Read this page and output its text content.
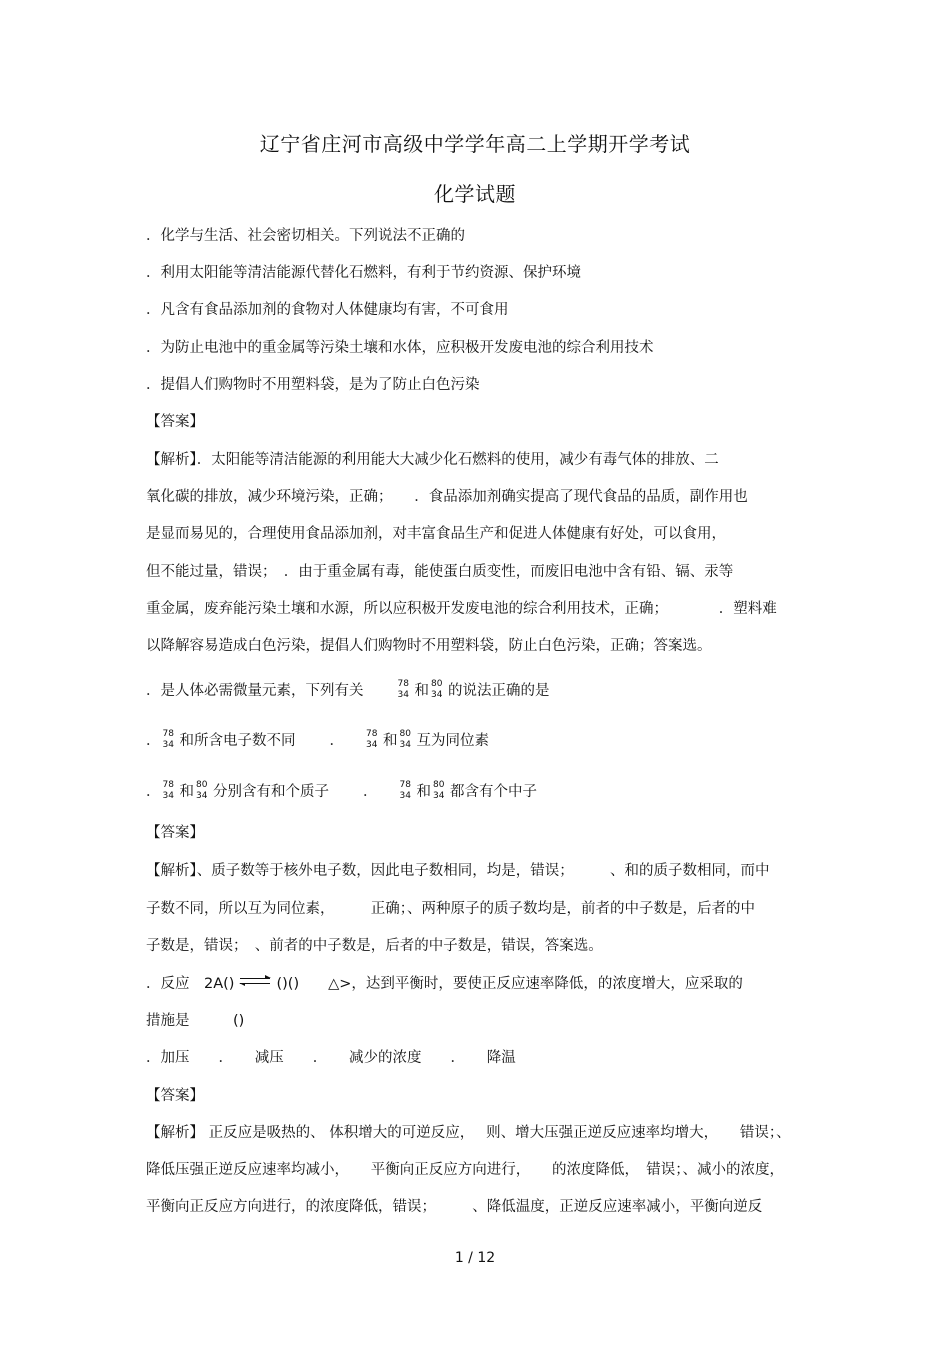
辽宁省庄河市高级中学学年高二上学期开学考试
化学试题
．化学与生活、社会密切相关。下列说法不正确的
．利用太阳能等清洁能源代替化石燃料，有利于节约资源、保护环境
．凡含有食品添加剂的食物对人体健康均有害，不可食用
．为防止电池中的重金属等污染土壤和水体，应积极开发废电池的综合利用技术
．提倡人们购物时不用塑料袋，是为了防止白色污染
【答案】
【解析】．太阳能等清洁能源的利用能大大减少化石燃料的使用，减少有毒气体的排放、二
氧化碳的排放，减少环境污染，正确；　　．食品添加剂确实提高了现代食品的品质，副作用也
是显而易见的，合理使用食品添加剂，对丰富食品生产和促进人体健康有好处，可以食用，
但不能过量，错误；　．由于重金属有毒，能使蛋白质变性，而废旧电池中含有铅、镉、汞等
重金属，废弃能污染土壤和水源，所以应积极开发废电池的综合利用技术，正确；　　　　．塑料难
以降解容易造成白色污染，提倡人们购物时不用塑料袋，防止白色污染，正确；答案选。
．是人体必需微量元素，下列有关	78
34 和 80
34 的说法正确的是
． 78
34 和所含电子数不同 ． 78
34 和 80
34 互为同位素
． 78
34 和 80
34 分别含有和个质子 ． 78
34 和 80
34 都含有个中子
【答案】
【解析】、质子数等于核外电子数，因此电子数相同，均是，错误；　　　、和的质子数相同，而中
子数不同，所以互为同位素，　　　正确；、两种原子的质子数均是，前者的中子数是，后者的中
子数是，错误；　、前者的中子数是，后者的中子数是，错误，答案选。
．反应　2A()	()()　　△>，达到平衡时，要使正反应速率降低，的浓度增大，应采取的
措施是　　　()
．加压　　．　　减压　　．　　减少的浓度　　．　　降温
【答案】
【解析】 正反应是吸热的、 体积增大的可逆反应，　 则、增大压强正逆反应速率均增大，　　错误；、
降低压强正逆反应速率均减小，　　平衡向正反应方向进行，　　的浓度降低，　错误；、减小的浓度，
平衡向正反应方向进行，的浓度降低，错误；　　　、降低温度，正逆反应速率减小，平衡向逆反
1 / 12
